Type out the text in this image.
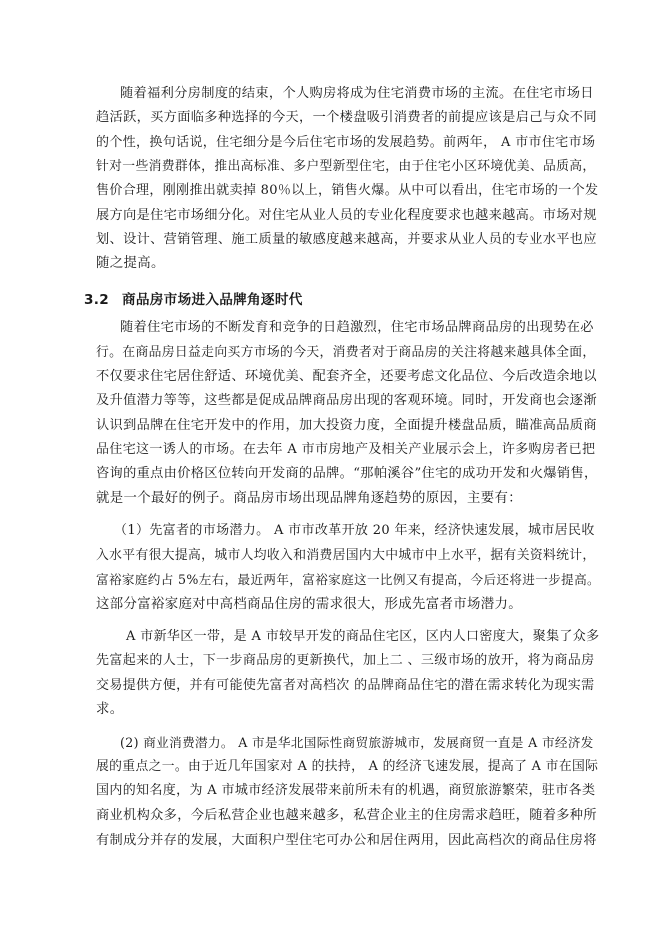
随着福利分房制度的结束，个人购房将成为住宅消费市场的主流。在住宅市场日
趋活跃，买方面临多种选择的今天，一个楼盘吸引消费者的前提应该是启己与众不同
的个性，换句话说，住宅细分是今后住宅市场的发展趋势。前两年， A 市市住宅市场
针对一些消费群体，推出高标准、多户型新型住宅，由于住宅小区环境优美、品质高，
售价合理，刚刚推出就卖掉 80％以上，销售火爆。从中可以看出，住宅市场的一个发
展方向是住宅市场细分化。对住宅从业人员的专业化程度要求也越来越高。市场对规
划、设计、营销管理、施工质量的敏感度越来越高，并要求从业人员的专业水平也应
随之提高。
3.2 商品房市场进入品牌角逐时代
随着住宅市场的不断发育和竞争的日趋激烈，住宅市场品牌商品房的出现势在必
行。在商品房日益走向买方市场的今天，消费者对于商品房的关注将越来越具体全面，
不仅要求住宅居住舒适、环境优美、配套齐全，还要考虑文化品位、今后改造余地以
及升值潜力等等，这些都是促成品牌商品房出现的客观环境。同时，开发商也会逐渐
认识到品牌在住宅开发中的作用，加大投资力度，全面提升楼盘品质，瞄准高品质商
品住宅这一诱人的市场。在去年 A 市市房地产及相关产业展示会上，许多购房者已把
咨询的重点由价格区位转向开发商的品牌。“那帕溪谷”住宅的成功开发和火爆销售，
就是一个最好的例子。商品房市场出现品牌角逐趋势的原因，主要有：
（1）先富者的市场潜力。 A 市市改革开放 20 年来，经济快速发展，城市居民收
入水平有很大提高，城市人均收入和消费居国内大中城市中上水平，据有关资料统计，
富裕家庭约占 5%左右，最近两年，富裕家庭这一比例又有提高，今后还将进一步提高。
这部分富裕家庭对中高档商品住房的需求很大，形成先富者市场潜力。
A 市新华区一带，是 A 市较早开发的商品住宅区，区内人口密度大，聚集了众多
先富起来的人士，下一步商品房的更新换代，加上二 、三级市场的放开，将为商品房
交易提供方便，并有可能使先富者对高档次 的品牌商品住宅的潜在需求转化为现实需
求。
(2) 商业消费潜力。 A 市是华北国际性商贸旅游城市，发展商贸一直是 A 市经济发
展的重点之一。由于近几年国家对 A 的扶持， A 的经济飞速发展，提高了 A 市在国际
国内的知名度，为 A 市城市经济发展带来前所未有的机遇，商贸旅游繁荣，驻市各类
商业机构众多，今后私营企业也越来越多，私营企业主的住房需求趋旺，随着多种所
有制成分并存的发展，大面积户型住宅可办公和居住两用，因此高档次的商品住房将
